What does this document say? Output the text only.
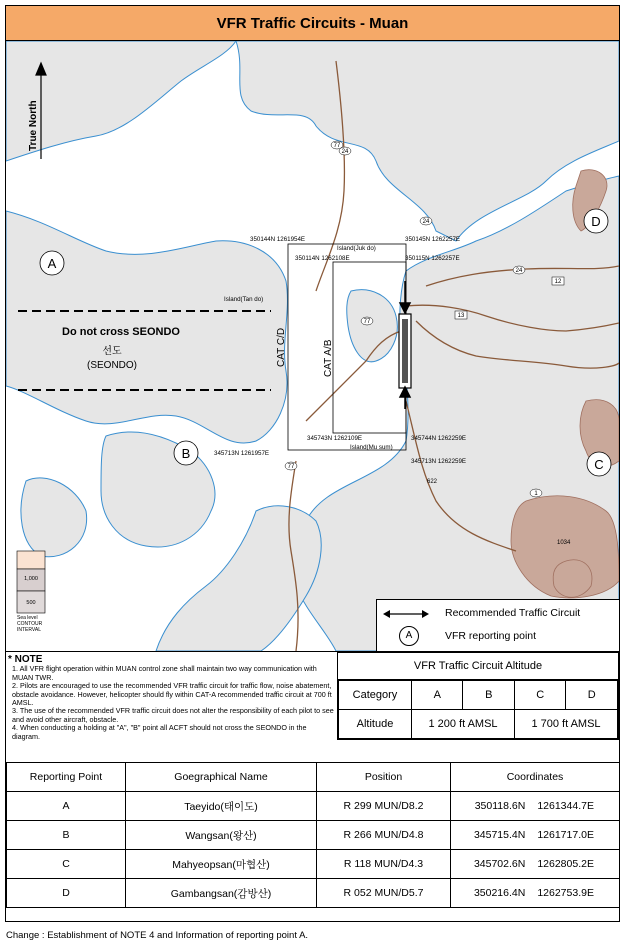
VFR Traffic Circuits - Muan
True North
A
B
C
D
Do not cross SEONDO
선도
(SEONDO)
350144N 1261954E
350114N 1262108E
350145N 1262257E
350115N 1262257E
345743N 1262109E
345713N 1261957E
345744N 1262259E
345713N 1262259E
Island(Juk do)
Island(Tan do)
Island(Mu sum)
CAT C/D	CAT A/B
77
24
24
24
12
13
77
77
1
622
1034
1,000
500
Sea level
CONTOUR
INTERVAL
Recommended Traffic Circuit
A	VFR reporting point
* NOTE
1. All VFR flight operation within MUAN control zone shall maintain two way communication with MUAN TWR.
2. Pilots are encouraged to use the recommended VFR traffic circuit for traffic flow, noise abatement, obstacle avoidance. However, helicopter should fly within CAT-A recommended traffic circuit at 700 ft AMSL.
3. The use of the recommended VFR traffic circuit does not alter the responsibility of each pilot to see and avoid other aircraft, obstacle.
4. When conducting a holding at "A", "B" point all ACFT should not cross the SEONDO in the diagram.
VFR Traffic Circuit Altitude
Category	A	B	C	D
Altitude	1 200 ft AMSL		1 700 ft AMSL	
Reporting Point	Goegraphical Name	Position	Coordinates	
A	Taeyido(태이도)	R 299 MUN/D8.2	350118.6N	1261344.7E
B	Wangsan(왕산)	R 266 MUN/D4.8	345715.4N	1261717.0E
C	Mahyeopsan(마협산)	R 118 MUN/D4.3	345702.6N	1262805.2E
D	Gambangsan(감방산)	R 052 MUN/D5.7	350216.4N	1262753.9E
Change : Establishment of NOTE 4 and Information of reporting point A.
